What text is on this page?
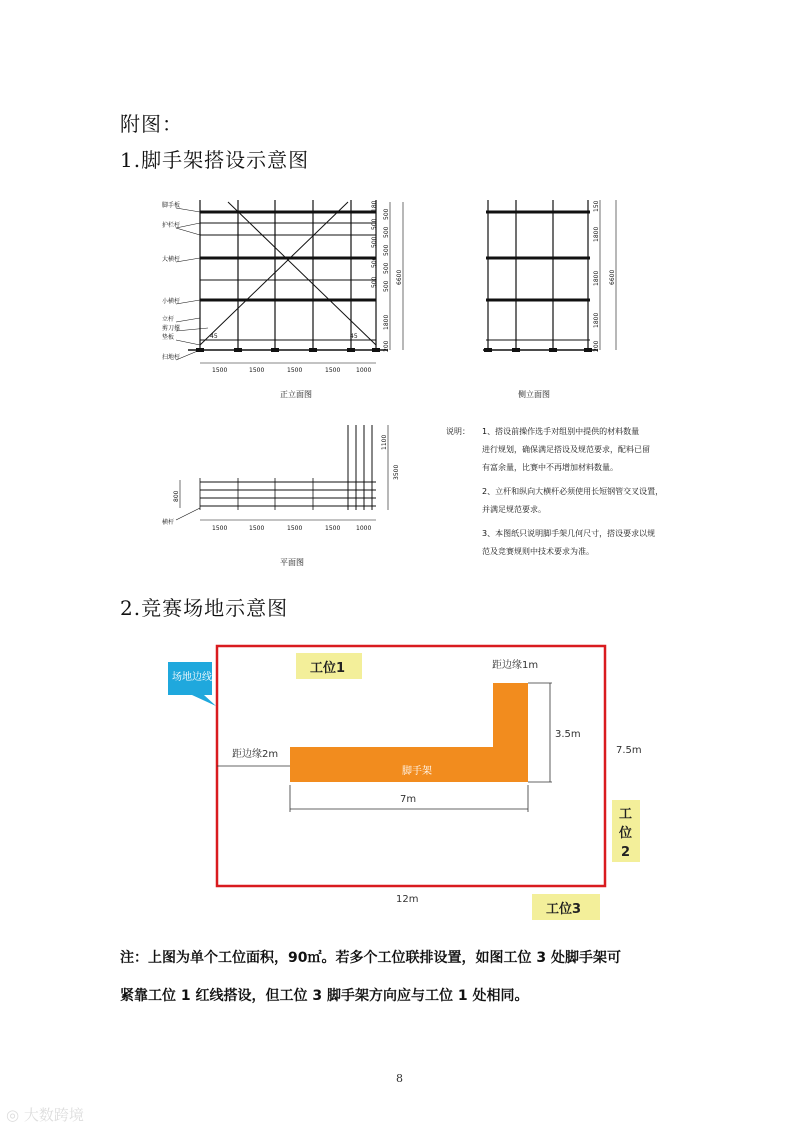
附图：
1.脚手架搭设示意图
脚手板
护栏杆
大横杆
小横杆
立杆
剪刀撑
垫板
扫地杆
45	45
1500	1500	1500	1500	1000
500
500
500
500
500
1800
200
180
500
500
500
500	6600
正立面图
150
1800
1800
1800
200
6600
侧立面图
800
横杆
1500	1500	1500	1500	1000
1100
3500
平面图
说明： 1、搭设前操作选手对组别中提供的材料数量
进行规划，确保满足搭设及规范要求，配料已留
有富余量，比赛中不再增加材料数量。
2、立杆和纵向大横杆必须使用长短钢管交叉设置，
并满足规范要求。
3、本图纸只说明脚手架几何尺寸，搭设要求以规
范及竞赛规则中技术要求为准。
2.竞赛场地示意图
场地边线
工位1
脚手架
距边缘1m
3.5m
距边缘2m
7m
7.5m
12m
工
位
2
工位3
注：上图为单个工位面积，90㎡。若多个工位联排设置，如图工位 3 处脚手架可
紧靠工位 1 红线搭设，但工位 3 脚手架方向应与工位 1 处相同。
8
◎ 大数跨境
